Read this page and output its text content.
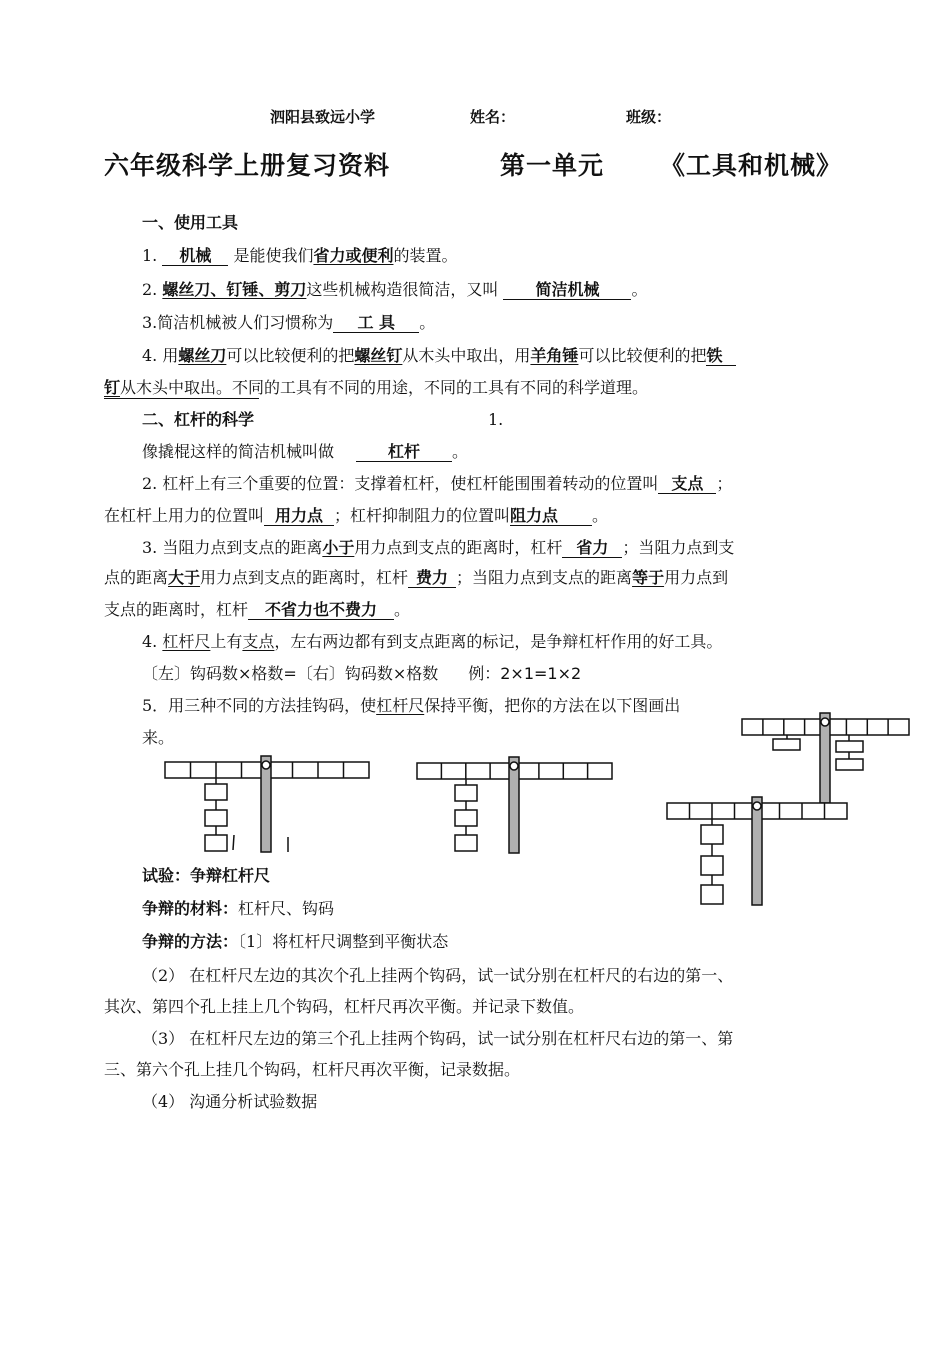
泗阳县致远小学	姓名：	班级：
六年级科学上册复习资料	第一单元 《工具和机械》
一、使用工具
1. 机械 是能使我们省力或便利的装置。
2. 螺丝刀、钉锤、剪刀这些机械构造很简洁，又叫 简洁机械 。
3.简洁机械被人们习惯称为 工 具 。
4. 用螺丝刀可以比较便利的把螺丝钉从木头中取出，用羊角锤可以比较便利的把铁
钉从木头中取出。不同的工具有不同的用途，不同的工具有不同的科学道理。
二、杠杆的科学	1.
像撬棍这样的简洁机械叫做	杠杆 。
2. 杠杆上有三个重要的位置：支撑着杠杆，使杠杆能围围着转动的位置叫 支点 ；
在杠杆上用力的位置叫 用力点 ；杠杆抑制阻力的位置叫阻力点 。
3. 当阻力点到支点的距离小于用力点到支点的距离时，杠杆 省力 ；当阻力点到支
点的距离大于用力点到支点的距离时，杠杆 费力 ；当阻力点到支点的距离等于用力点到
支点的距离时，杠杆 不省力也不费力 。
4. 杠杆尺上有支点，左右两边都有到支点距离的标记，是争辩杠杆作用的好工具。
〔左〕钩码数×格数=〔右〕钩码数×格数 例：2×1=1×2
5．用三种不同的方法挂钩码，使杠杆尺保持平衡，把你的方法在以下图画出
来。
试验：争辩杠杆尺
争辩的材料：杠杆尺、钩码
争辩的方法：〔1〕将杠杆尺调整到平衡状态
（2） 在杠杆尺左边的其次个孔上挂两个钩码，试一试分别在杠杆尺的右边的第一、
其次、第四个孔上挂上几个钩码，杠杆尺再次平衡。并记录下数值。
（3） 在杠杆尺左边的第三个孔上挂两个钩码，试一试分别在杠杆尺右边的第一、第
三、第六个孔上挂几个钩码，杠杆尺再次平衡，记录数据。
（4） 沟通分析试验数据
